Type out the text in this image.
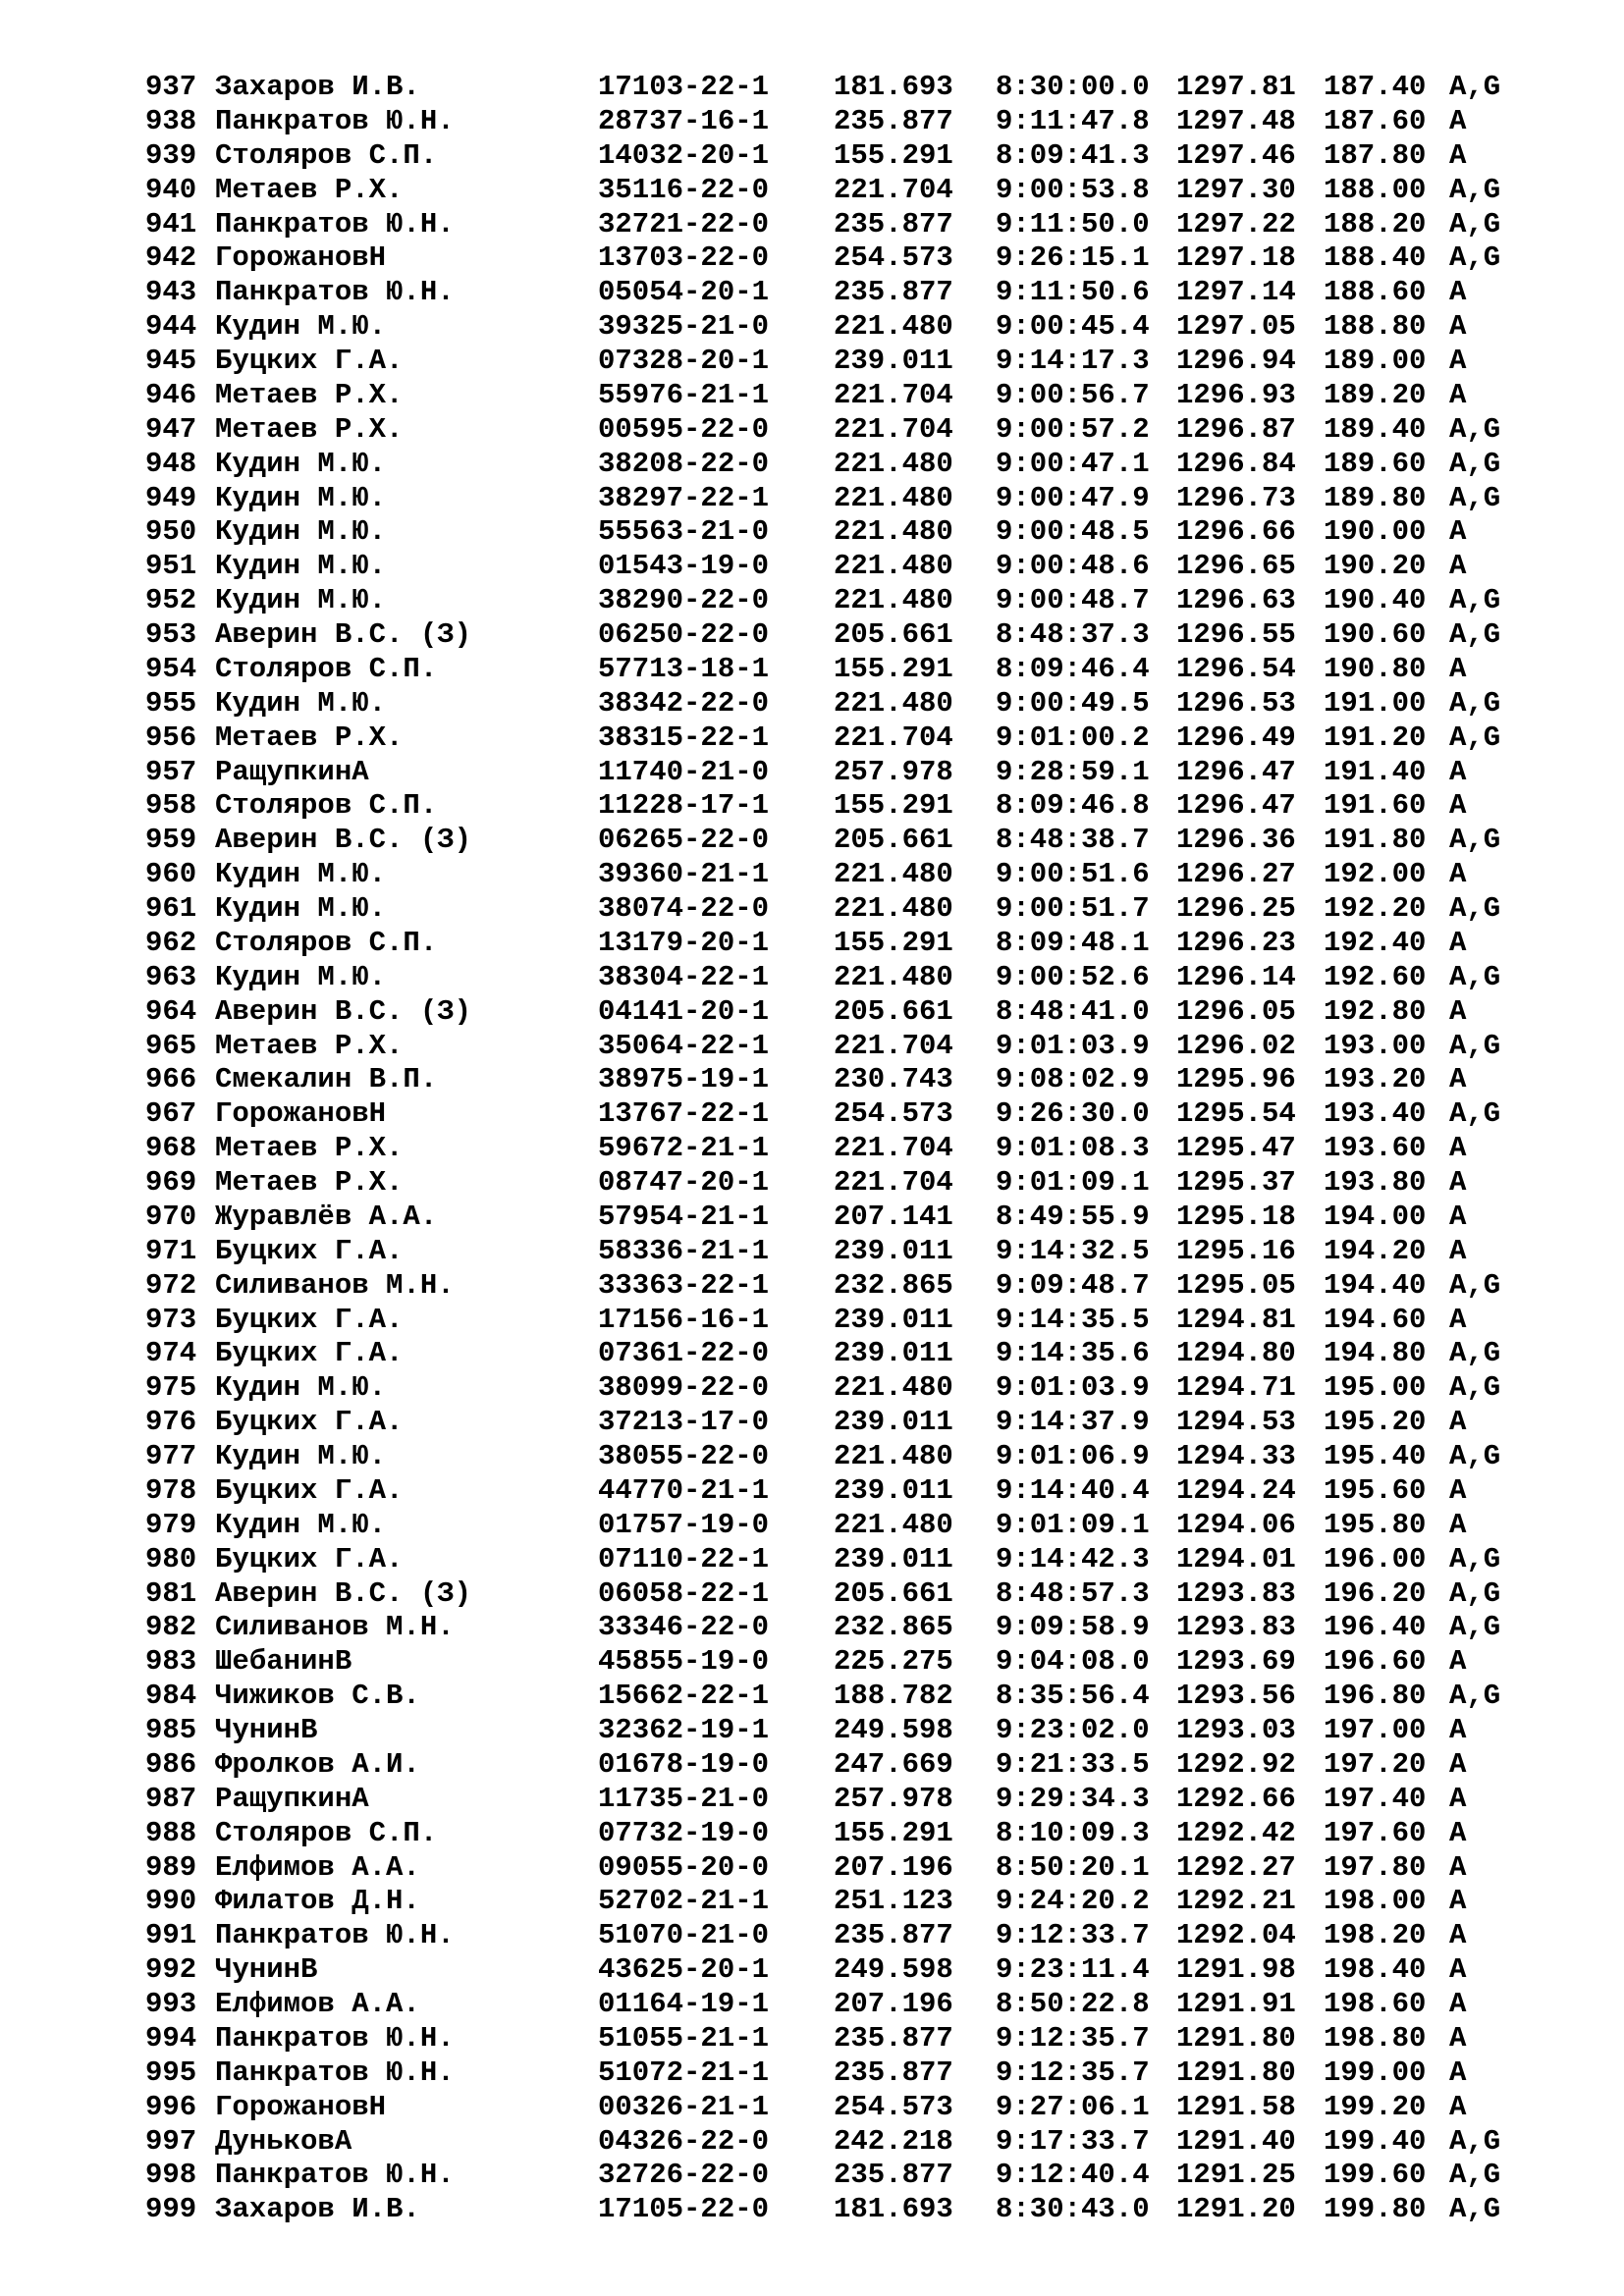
937 Захаров И.В.	17103-22-1 181.693 8:30:00.0 1297.81 187.40 A,G
938 Панкратов Ю.Н.	28737-16-1 235.877 9:11:47.8 1297.48 187.60 A
939 Столяров С.П.	14032-20-1 155.291 8:09:41.3 1297.46 187.80 A
940 Метаев Р.Х.	35116-22-0 221.704 9:00:53.8 1297.30 188.00 A,G
941 Панкратов Ю.Н.	32721-22-0 235.877 9:11:50.0 1297.22 188.20 A,G
942 ГорожановН	13703-22-0 254.573 9:26:15.1 1297.18 188.40 A,G
943 Панкратов Ю.Н.	05054-20-1 235.877 9:11:50.6 1297.14 188.60 A
944 Кудин М.Ю.	39325-21-0 221.480 9:00:45.4 1297.05 188.80 A
945 Буцких Г.А.	07328-20-1 239.011 9:14:17.3 1296.94 189.00 A
946 Метаев Р.Х.	55976-21-1 221.704 9:00:56.7 1296.93 189.20 A
947 Метаев Р.Х.	00595-22-0 221.704 9:00:57.2 1296.87 189.40 A,G
948 Кудин М.Ю.	38208-22-0 221.480 9:00:47.1 1296.84 189.60 A,G
949 Кудин М.Ю.	38297-22-1 221.480 9:00:47.9 1296.73 189.80 A,G
950 Кудин М.Ю.	55563-21-0 221.480 9:00:48.5 1296.66 190.00 A
951 Кудин М.Ю.	01543-19-0 221.480 9:00:48.6 1296.65 190.20 A
952 Кудин М.Ю.	38290-22-0 221.480 9:00:48.7 1296.63 190.40 A,G
953 Аверин В.С. (З)	06250-22-0 205.661 8:48:37.3 1296.55 190.60 A,G
954 Столяров С.П.	57713-18-1 155.291 8:09:46.4 1296.54 190.80 A
955 Кудин М.Ю.	38342-22-0 221.480 9:00:49.5 1296.53 191.00 A,G
956 Метаев Р.Х.	38315-22-1 221.704 9:01:00.2 1296.49 191.20 A,G
957 РащупкинА	11740-21-0 257.978 9:28:59.1 1296.47 191.40 A
958 Столяров С.П.	11228-17-1 155.291 8:09:46.8 1296.47 191.60 A
959 Аверин В.С. (З)	06265-22-0 205.661 8:48:38.7 1296.36 191.80 A,G
960 Кудин М.Ю.	39360-21-1 221.480 9:00:51.6 1296.27 192.00 A
961 Кудин М.Ю.	38074-22-0 221.480 9:00:51.7 1296.25 192.20 A,G
962 Столяров С.П.	13179-20-1 155.291 8:09:48.1 1296.23 192.40 A
963 Кудин М.Ю.	38304-22-1 221.480 9:00:52.6 1296.14 192.60 A,G
964 Аверин В.С. (З)	04141-20-1 205.661 8:48:41.0 1296.05 192.80 A
965 Метаев Р.Х.	35064-22-1 221.704 9:01:03.9 1296.02 193.00 A,G
966 Смекалин В.П.	38975-19-1 230.743 9:08:02.9 1295.96 193.20 A
967 ГорожановН	13767-22-1 254.573 9:26:30.0 1295.54 193.40 A,G
968 Метаев Р.Х.	59672-21-1 221.704 9:01:08.3 1295.47 193.60 A
969 Метаев Р.Х.	08747-20-1 221.704 9:01:09.1 1295.37 193.80 A
970 Журавлёв А.А.	57954-21-1 207.141 8:49:55.9 1295.18 194.00 A
971 Буцких Г.А.	58336-21-1 239.011 9:14:32.5 1295.16 194.20 A
972 Силиванов М.Н.	33363-22-1 232.865 9:09:48.7 1295.05 194.40 A,G
973 Буцких Г.А.	17156-16-1 239.011 9:14:35.5 1294.81 194.60 A
974 Буцких Г.А.	07361-22-0 239.011 9:14:35.6 1294.80 194.80 A,G
975 Кудин М.Ю.	38099-22-0 221.480 9:01:03.9 1294.71 195.00 A,G
976 Буцких Г.А.	37213-17-0 239.011 9:14:37.9 1294.53 195.20 A
977 Кудин М.Ю.	38055-22-0 221.480 9:01:06.9 1294.33 195.40 A,G
978 Буцких Г.А.	44770-21-1 239.011 9:14:40.4 1294.24 195.60 A
979 Кудин М.Ю.	01757-19-0 221.480 9:01:09.1 1294.06 195.80 A
980 Буцких Г.А.	07110-22-1 239.011 9:14:42.3 1294.01 196.00 A,G
981 Аверин В.С. (З)	06058-22-1 205.661 8:48:57.3 1293.83 196.20 A,G
982 Силиванов М.Н.	33346-22-0 232.865 9:09:58.9 1293.83 196.40 A,G
983 ШебанинВ	45855-19-0 225.275 9:04:08.0 1293.69 196.60 A
984 Чижиков С.В.	15662-22-1 188.782 8:35:56.4 1293.56 196.80 A,G
985 ЧунинВ	32362-19-1 249.598 9:23:02.0 1293.03 197.00 A
986 Фролков А.И.	01678-19-0 247.669 9:21:33.5 1292.92 197.20 A
987 РащупкинА	11735-21-0 257.978 9:29:34.3 1292.66 197.40 A
988 Столяров С.П.	07732-19-0 155.291 8:10:09.3 1292.42 197.60 A
989 Елфимов А.А.	09055-20-0 207.196 8:50:20.1 1292.27 197.80 A
990 Филатов Д.Н.	52702-21-1 251.123 9:24:20.2 1292.21 198.00 A
991 Панкратов Ю.Н.	51070-21-0 235.877 9:12:33.7 1292.04 198.20 A
992 ЧунинВ	43625-20-1 249.598 9:23:11.4 1291.98 198.40 A
993 Елфимов А.А.	01164-19-1 207.196 8:50:22.8 1291.91 198.60 A
994 Панкратов Ю.Н.	51055-21-1 235.877 9:12:35.7 1291.80 198.80 A
995 Панкратов Ю.Н.	51072-21-1 235.877 9:12:35.7 1291.80 199.00 A
996 ГорожановН	00326-21-1 254.573 9:27:06.1 1291.58 199.20 A
997 ДуньковА	04326-22-0 242.218 9:17:33.7 1291.40 199.40 A,G
998 Панкратов Ю.Н.	32726-22-0 235.877 9:12:40.4 1291.25 199.60 A,G
999 Захаров И.В.	17105-22-0 181.693 8:30:43.0 1291.20 199.80 A,G
